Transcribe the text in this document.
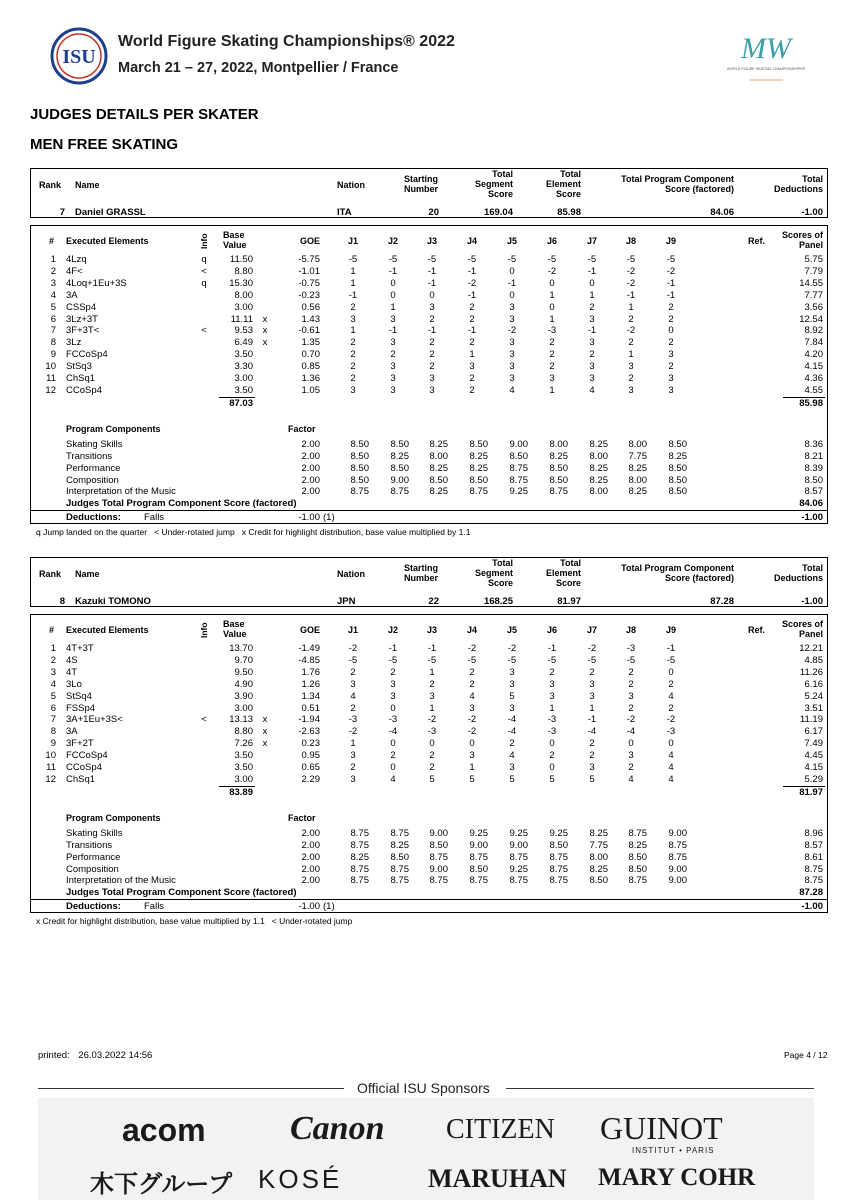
ISU
World Figure Skating Championships® 2022
March 21 – 27, 2022, Montpellier / France
MW
WORLD FIGURE SKATING CHAMPIONSHIPS®
JUDGES DETAILS PER SKATER
MEN FREE SKATING
Rank Name	Nation
Starting
Number
Total
Segment
Score
Total
Element
Score
Total Program Component
Score (factored)
Total
Deductions
7 Daniel GRASSL	ITA	20	169.04	85.98	84.06	-1.00
# Executed Elements	Info Base
Value	GOE	J1	J2	J3	J4	J5	J6	J7	J8	J9	Ref.
Scores of
Panel
1 4Lzq	q	11.50	-5.75	-5	-5	-5	-5	-5	-5	-5	-5	-5	5.75
2 4F<	<	8.80	-1.01	1	-1	-1	-1	0	-2	-1	-2	-2	7.79
3 4Loq+1Eu+3S	q	15.30	-0.75	1	0	-1	-2	-1	0	0	-2	-1	14.55
4 3A	8.00	-0.23	-1	0	0	-1	0	1	1	-1	-1	7.77
5 CSSp4	3.00	0.56	2	1	3	2	3	0	2	1	2	3.56
6 3Lz+3T	11.11 x	1.43	3	3	2	2	3	1	3	2	2	12.54
7 3F+3T<	<	9.53 x	-0.61	1	-1	-1	-1	-2	-3	-1	-2	0	8.92
8 3Lz	6.49 x	1.35	2	3	2	2	3	2	3	2	2	7.84
9 FCCoSp4	3.50	0.70	2	2	2	1	3	2	2	1	3	4.20
10 StSq3	3.30	0.85	2	3	2	3	3	2	3	3	2	4.15
11 ChSq1	3.00	1.36	2	3	3	2	3	3	3	2	3	4.36
12 CCoSp4	3.50	1.05	3	3	3	2	4	1	4	3	3	4.55
87.03	85.98
Program Components	Factor
Skating Skills	2.00	8.50	8.50	8.25	8.50	9.00	8.00	8.25	8.00	8.50	8.36
Transitions	2.00	8.50	8.25	8.00	8.25	8.50	8.25	8.00	7.75	8.25	8.21
Performance	2.00	8.50	8.50	8.25	8.25	8.75	8.50	8.25	8.25	8.50	8.39
Composition	2.00	8.50	9.00	8.50	8.50	8.75	8.50	8.25	8.00	8.50	8.50
Interpretation of the Music	2.00	8.75	8.75	8.25	8.75	9.25	8.75	8.00	8.25	8.50	8.57
Judges Total Program Component Score (factored)	84.06
Deductions: Falls	-1.00 (1)	-1.00
q Jump landed on the quarter   < Under-rotated jump   x Credit for highlight distribution, base value multiplied by 1.1
Rank Name	Nation
Starting
Number
Total
Segment
Score
Total
Element
Score
Total Program Component
Score (factored)
Total
Deductions
8 Kazuki TOMONO	JPN	22	168.25	81.97	87.28	-1.00
# Executed Elements	Info Base
Value	GOE	J1	J2	J3	J4	J5	J6	J7	J8	J9	Ref.
Scores of
Panel
1 4T+3T	13.70	-1.49	-2	-1	-1	-2	-2	-1	-2	-3	-1	12.21
2 4S	9.70	-4.85	-5	-5	-5	-5	-5	-5	-5	-5	-5	4.85
3 4T	9.50	1.76	2	2	1	2	3	2	2	2	0	11.26
4 3Lo	4.90	1.26	3	3	2	2	3	3	3	2	2	6.16
5 StSq4	3.90	1.34	4	3	3	4	5	3	3	3	4	5.24
6 FSSp4	3.00	0.51	2	0	1	3	3	1	1	2	2	3.51
7 3A+1Eu+3S<	<	13.13 x	-1.94	-3	-3	-2	-2	-4	-3	-1	-2	-2	11.19
8 3A	8.80 x	-2.63	-2	-4	-3	-2	-4	-3	-4	-4	-3	6.17
9 3F+2T	7.26 x	0.23	1	0	0	0	2	0	2	0	0	7.49
10 FCCoSp4	3.50	0.95	3	2	2	3	4	2	2	3	4	4.45
11 CCoSp4	3.50	0.65	2	0	2	1	3	0	3	2	4	4.15
12 ChSq1	3.00	2.29	3	4	5	5	5	5	5	4	4	5.29
83.89	81.97
Program Components	Factor
Skating Skills	2.00	8.75	8.75	9.00	9.25	9.25	9.25	8.25	8.75	9.00	8.96
Transitions	2.00	8.75	8.25	8.50	9.00	9.00	8.50	7.75	8.25	8.75	8.57
Performance	2.00	8.25	8.50	8.75	8.75	8.75	8.75	8.00	8.50	8.75	8.61
Composition	2.00	8.75	8.75	9.00	8.50	9.25	8.75	8.25	8.50	9.00	8.75
Interpretation of the Music	2.00	8.75	8.75	8.75	8.75	8.75	8.75	8.50	8.75	9.00	8.75
Judges Total Program Component Score (factored)	87.28
Deductions: Falls	-1.00 (1)	-1.00
x Credit for highlight distribution, base value multiplied by 1.1   < Under-rotated jump
printed: 26.03.2022 14:56	Page 4 / 12
Official ISU Sponsors
acom Canon CITIZEN GUINOT
INSTITUT • PARIS
木下グループ KOSÉ	MARUHAN MARY COHR
